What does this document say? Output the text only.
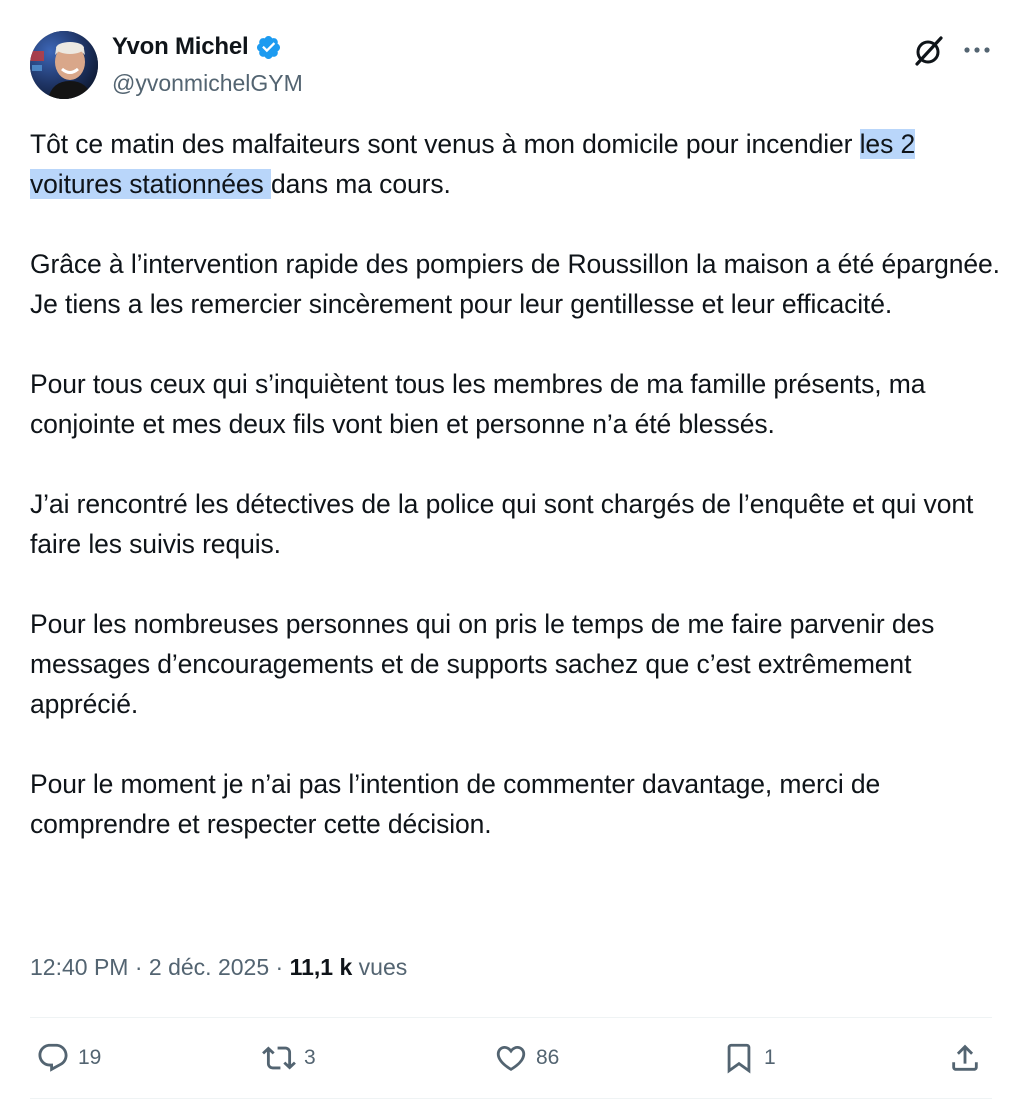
Yvon Michel
@yvonmichelGYM

Tôt ce matin des malfaiteurs sont venus à mon domicile pour incendier les 2 voitures stationnées dans ma cours.

Grâce à l’intervention rapide des pompiers de Roussillon la maison a été épargnée. Je tiens a les remercier sincèrement pour leur gentillesse et leur efficacité.

Pour tous ceux qui s’inquiètent tous les membres de ma famille présents, ma conjointe et mes deux fils vont bien et personne n’a été blessés.

J’ai rencontré les détectives de la police qui sont chargés de l’enquête et qui vont faire les suivis requis.

Pour les nombreuses personnes qui on pris le temps de me faire parvenir des messages d’encouragements et de supports sachez que c’est extrêmement apprécié.

Pour le moment je n’ai pas l’intention de commenter davantage, merci de comprendre et respecter cette décision.

12:40 PM · 2 déc. 2025 · 11,1 k vues
19	3	86	1
